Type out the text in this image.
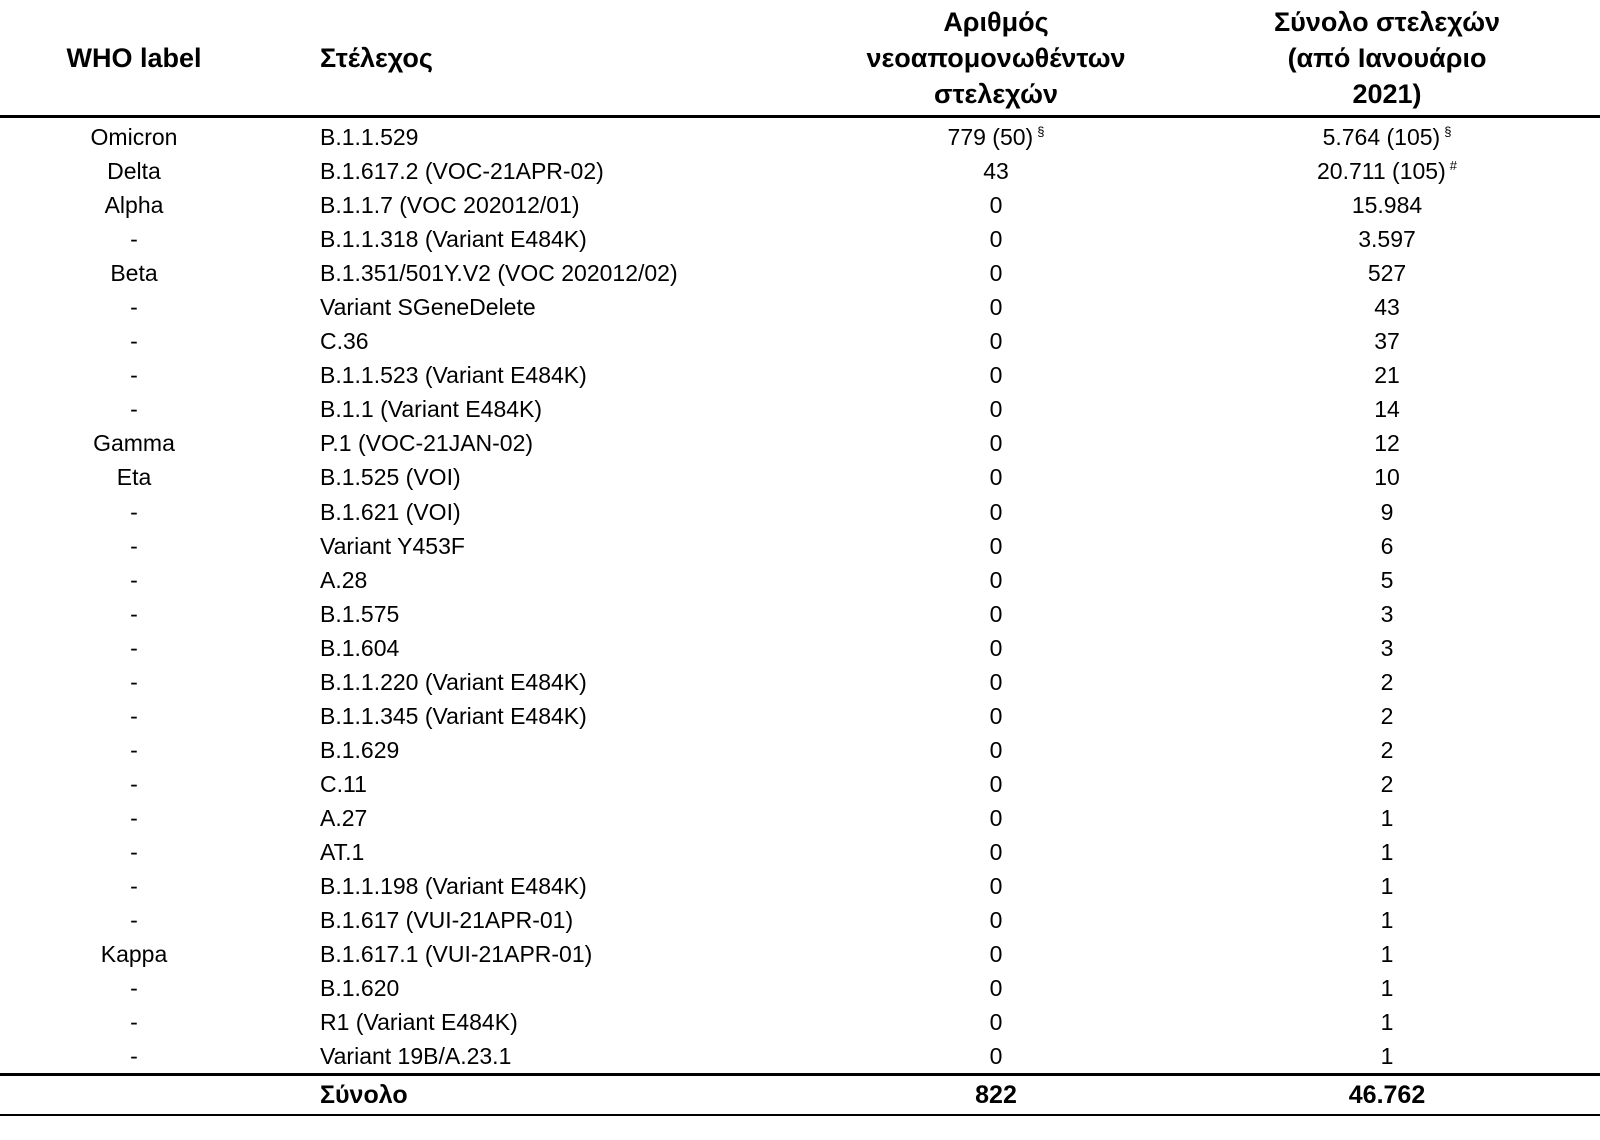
WHO label	Στέλεχος	Αριθμός
νεοαπομονωθέντων
στελεχών	Σύνολο στελεχών
(από Ιανουάριο
2021)

Omicron	B.1.1.529	779 (50) §	5.764 (105) §
Delta	B.1.617.2 (VOC-21APR-02)	43	20.711 (105) #
Alpha	B.1.1.7 (VOC 202012/01)	0	15.984
-	B.1.1.318 (Variant E484K)	0	3.597
Beta	B.1.351/501Y.V2 (VOC 202012/02)	0	527
-	Variant SGeneDelete	0	43
-	C.36	0	37
-	B.1.1.523 (Variant E484K)	0	21
-	B.1.1 (Variant E484K)	0	14
Gamma	P.1 (VOC-21JAN-02)	0	12
Eta	B.1.525 (VOI)	0	10
-	B.1.621 (VOI)	0	9
-	Variant Y453F	0	6
-	A.28	0	5
-	B.1.575	0	3
-	B.1.604	0	3
-	B.1.1.220 (Variant E484K)	0	2
-	B.1.1.345 (Variant E484K)	0	2
-	B.1.629	0	2
-	C.11	0	2
-	A.27	0	1
-	AT.1	0	1
-	B.1.1.198 (Variant E484K)	0	1
-	B.1.617 (VUI-21APR-01)	0	1
Kappa	B.1.617.1 (VUI-21APR-01)	0	1
-	B.1.620	0	1
-	R1 (Variant E484K)	0	1
-	Variant 19B/A.23.1	0	1
	Σύνολο	822	46.762
